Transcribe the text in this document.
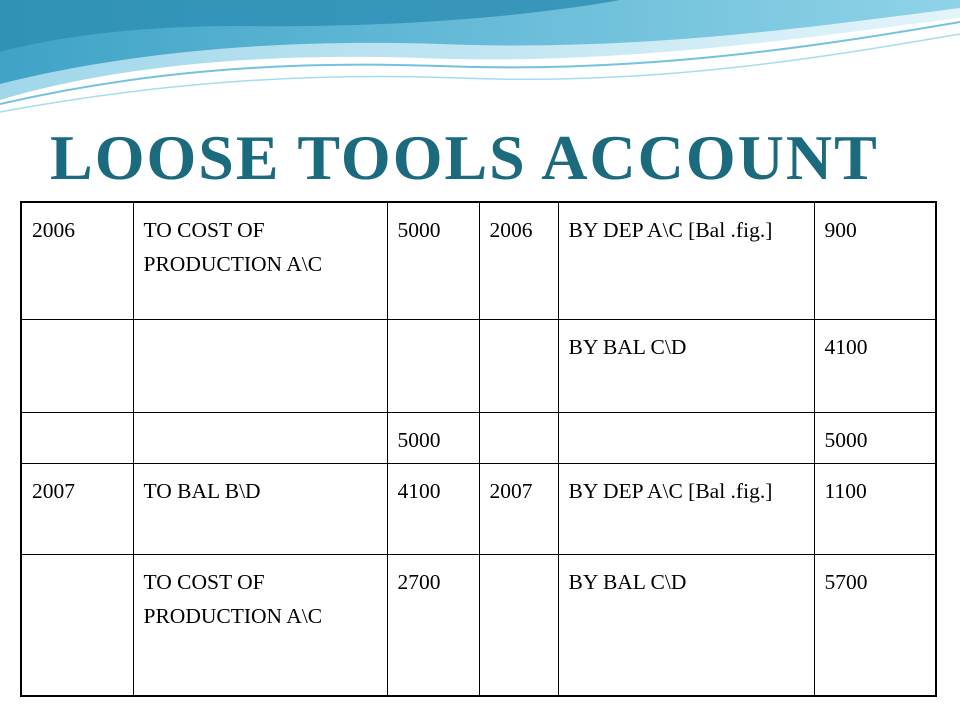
LOOSE TOOLS ACCOUNT
2006	TO COST OF PRODUCTION A\C	5000	2006	BY DEP A\C [Bal .fig.]	900
				BY BAL C\D	4100
		5000			5000
2007	TO BAL B\D	4100	2007	BY DEP A\C [Bal .fig.]	1100
	TO COST OF PRODUCTION A\C	2700		BY BAL C\D	5700
